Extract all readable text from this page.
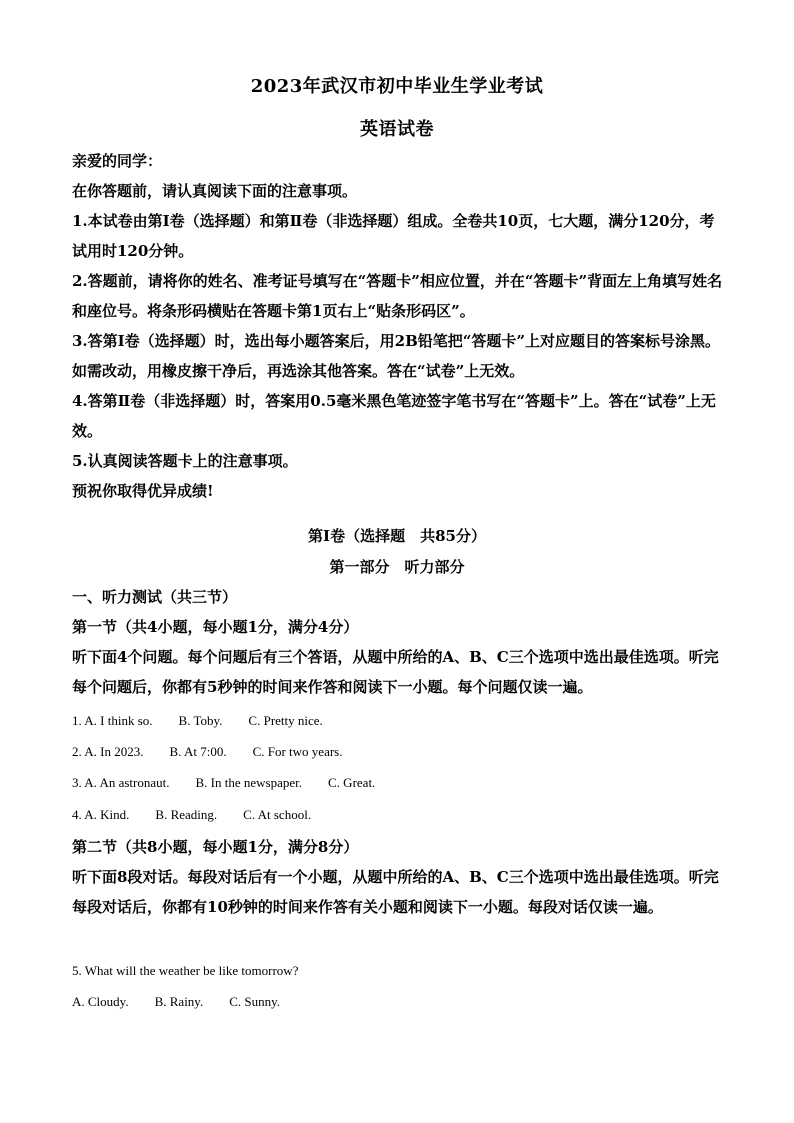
2023年武汉市初中毕业生学业考试
英语试卷
亲爱的同学：
在你答题前，请认真阅读下面的注意事项。
1.本试卷由第Ⅰ卷（选择题）和第Ⅱ卷（非选择题）组成。全卷共10页，七大题，满分120分，考试用时120分钟。
2.答题前，请将你的姓名、准考证号填写在“答题卡”相应位置，并在“答题卡”背面左上角填写姓名和座位号。将条形码横贴在答题卡第1页右上“贴条形码区”。
3.答第Ⅰ卷（选择题）时，选出每小题答案后，用2B铅笔把“答题卡”上对应题目的答案标号涂黑。如需改动，用橡皮擦干净后，再选涂其他答案。答在“试卷”上无效。
4.答第Ⅱ卷（非选择题）时，答案用0.5毫米黑色笔迹签字笔书写在“答题卡”上。答在“试卷”上无效。
5.认真阅读答题卡上的注意事项。
预祝你取得优异成绩!
第Ⅰ卷（选择题　共85分）
第一部分　听力部分
一、听力测试（共三节）
第一节（共4小题，每小题1分，满分4分）
听下面4个问题。每个问题后有三个答语，从题中所给的A、B、C三个选项中选出最佳选项。听完每个问题后，你都有5秒钟的时间来作答和阅读下一小题。每个问题仅读一遍。
1. A. I think so. B. Toby. C. Pretty nice.
2. A. In 2023. B. At 7:00. C. For two years.
3. A. An astronaut. B. In the newspaper. C. Great.
4. A. Kind. B. Reading. C. At school.
第二节（共8小题，每小题1分，满分8分）
听下面8段对话。每段对话后有一个小题，从题中所给的A、B、C三个选项中选出最佳选项。听完每段对话后，你都有10秒钟的时间来作答有关小题和阅读下一小题。每段对话仅读一遍。
5. What will the weather be like tomorrow?
A. Cloudy. B. Rainy. C. Sunny.
